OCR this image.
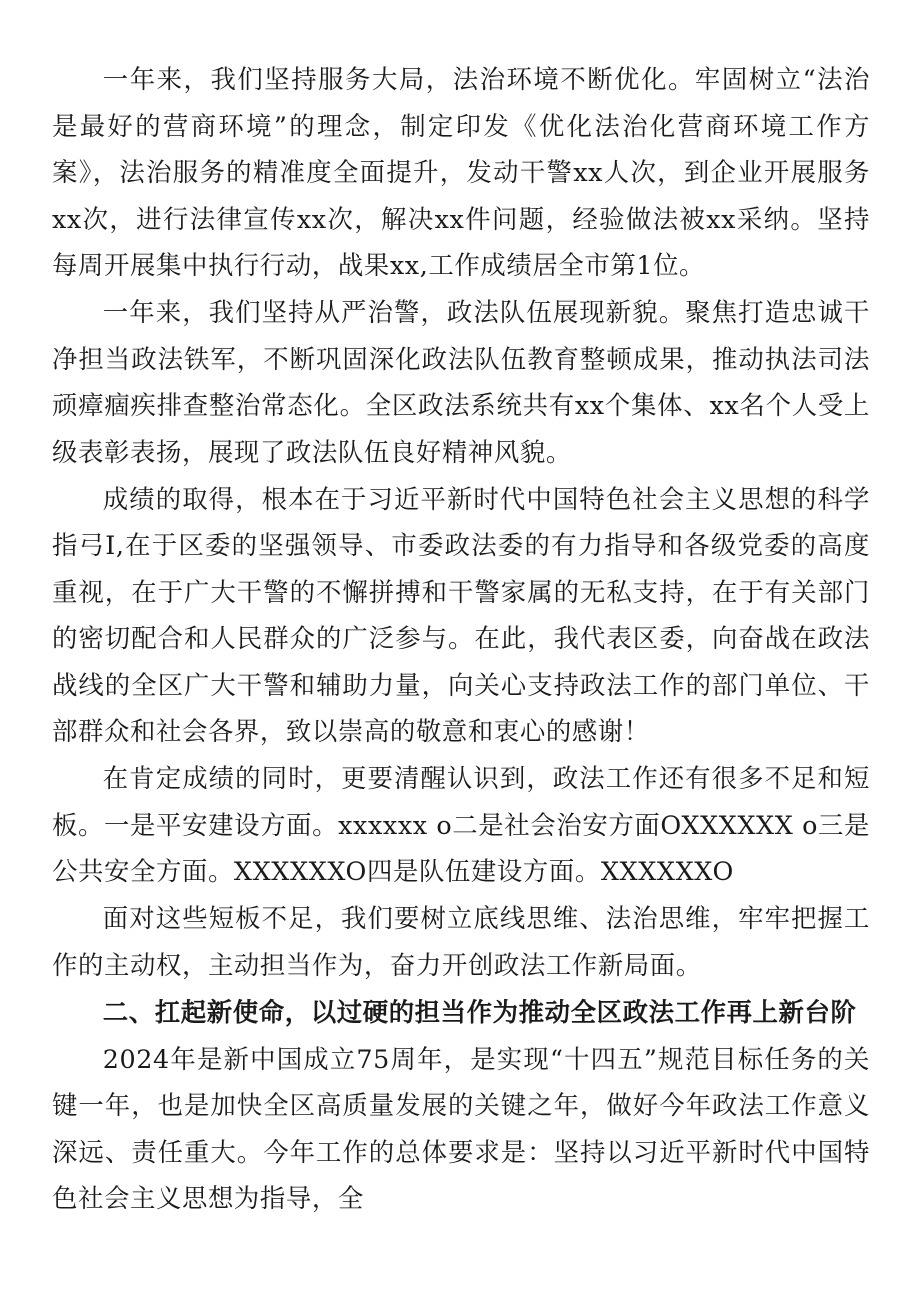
一年来，我们坚持服务大局，法治环境不断优化。牢固树立“法治是最好的营商环境”的理念，制定印发《优化法治化营商环境工作方案》，法治服务的精准度全面提升，发动干警xx人次，到企业开展服务xx次，进行法律宣传xx次，解决xx件问题，经验做法被xx采纳。坚持每周开展集中执行行动，战果xx,工作成绩居全市第1位。

一年来，我们坚持从严治警，政法队伍展现新貌。聚焦打造忠诚干净担当政法铁军，不断巩固深化政法队伍教育整顿成果，推动执法司法顽瘴痼疾排查整治常态化。全区政法系统共有xx个集体、xx名个人受上级表彰表扬，展现了政法队伍良好精神风貌。

成绩的取得，根本在于习近平新时代中国特色社会主义思想的科学指弓I,在于区委的坚强领导、市委政法委的有力指导和各级党委的高度重视，在于广大干警的不懈拼搏和干警家属的无私支持，在于有关部门的密切配合和人民群众的广泛参与。在此，我代表区委，向奋战在政法战线的全区广大干警和辅助力量，向关心支持政法工作的部门单位、干部群众和社会各界，致以崇高的敬意和衷心的感谢！

在肯定成绩的同时，更要清醒认识到，政法工作还有很多不足和短板。一是平安建设方面。xxxxxx o二是社会治安方面OXXXXXX o三是公共安全方面。XXXXXXO四是队伍建设方面。XXXXXXO

面对这些短板不足，我们要树立底线思维、法治思维，牢牢把握工作的主动权，主动担当作为，奋力开创政法工作新局面。

二、扛起新使命，以过硬的担当作为推动全区政法工作再上新台阶

2024年是新中国成立75周年，是实现“十四五”规范目标任务的关键一年，也是加快全区高质量发展的关键之年，做好今年政法工作意义深远、责任重大。今年工作的总体要求是：坚持以习近平新时代中国特色社会主义思想为指导，全
